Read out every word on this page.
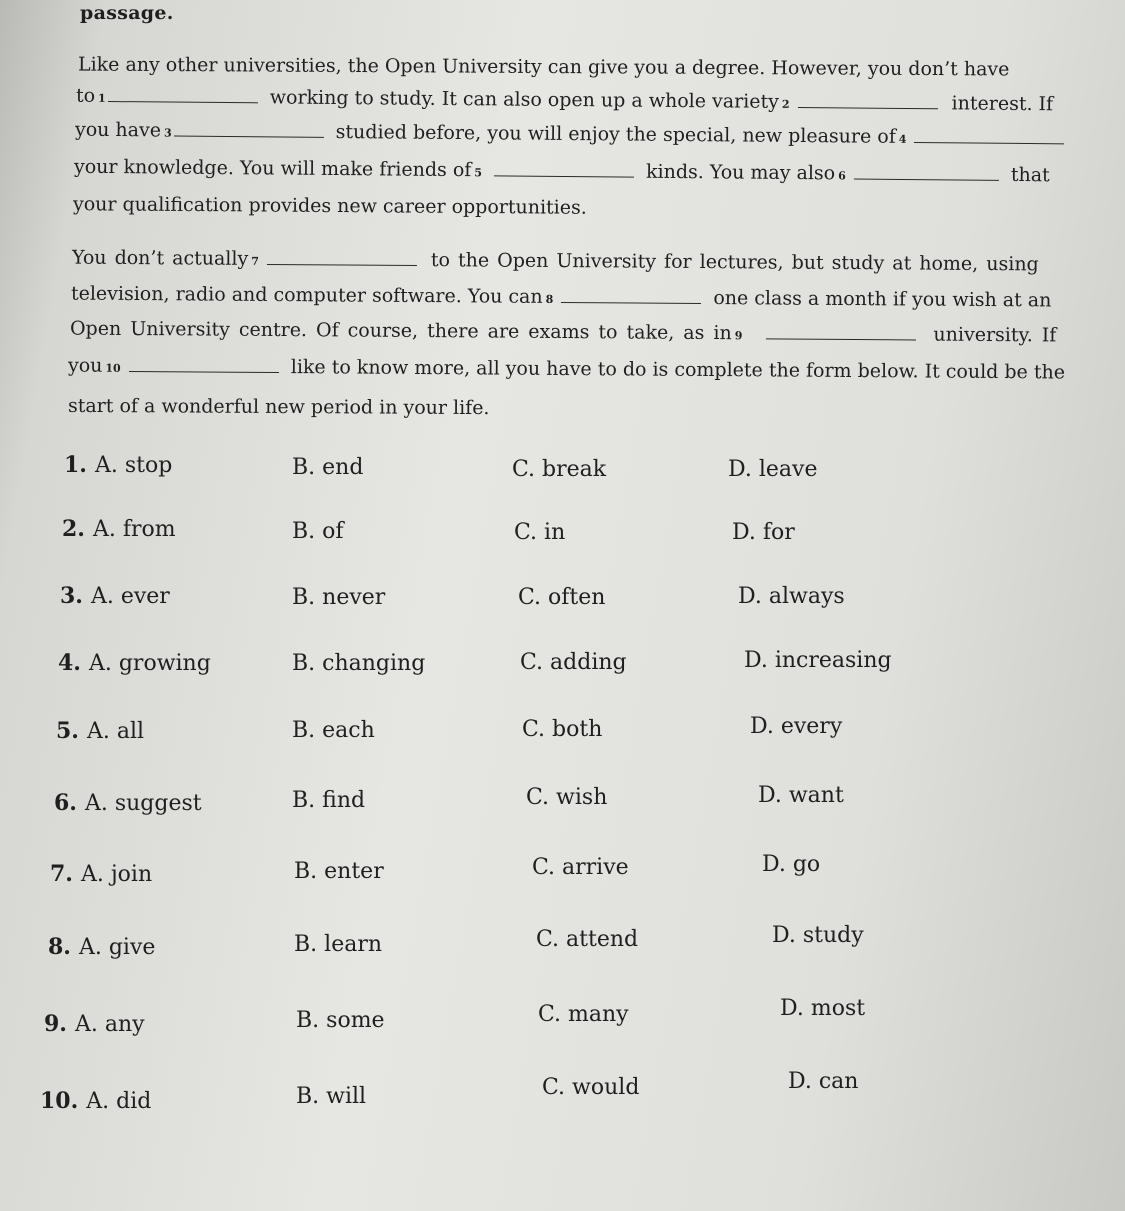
passage.
Like any other universities, the Open University can give you a degree. However, you don’t have
to 1	working to study. It can also open up a whole variety 2	interest. If
you have 3	studied before, you will enjoy the special, new pleasure of 4
your knowledge. You will make friends of 5	kinds. You may also 6	that
your qualification provides new career opportunities.
You don’t actually 7	to the Open University for lectures, but study at home, using
television, radio and computer software. You can 8	one class a month if you wish at an
Open University centre. Of course, there are exams to take, as in 9	university. If
you 10	like to know more, all you have to do is complete the form below. It could be the
start of a wonderful new period in your life.
1. A. stop	B. end	C. break	D. leave
2. A. from	B. of	C. in	D. for
3. A. ever	B. never	C. often	D. always
4. A. growing	B. changing	C. adding	D. increasing
5. A. all	B. each	C. both	D. every
6. A. suggest	B. find	C. wish	D. want
7. A. join	B. enter	C. arrive	D. go
8. A. give	B. learn	C. attend	D. study
9. A. any	B. some	C. many	D. most
10. A. did	B. will	C. would	D. can
